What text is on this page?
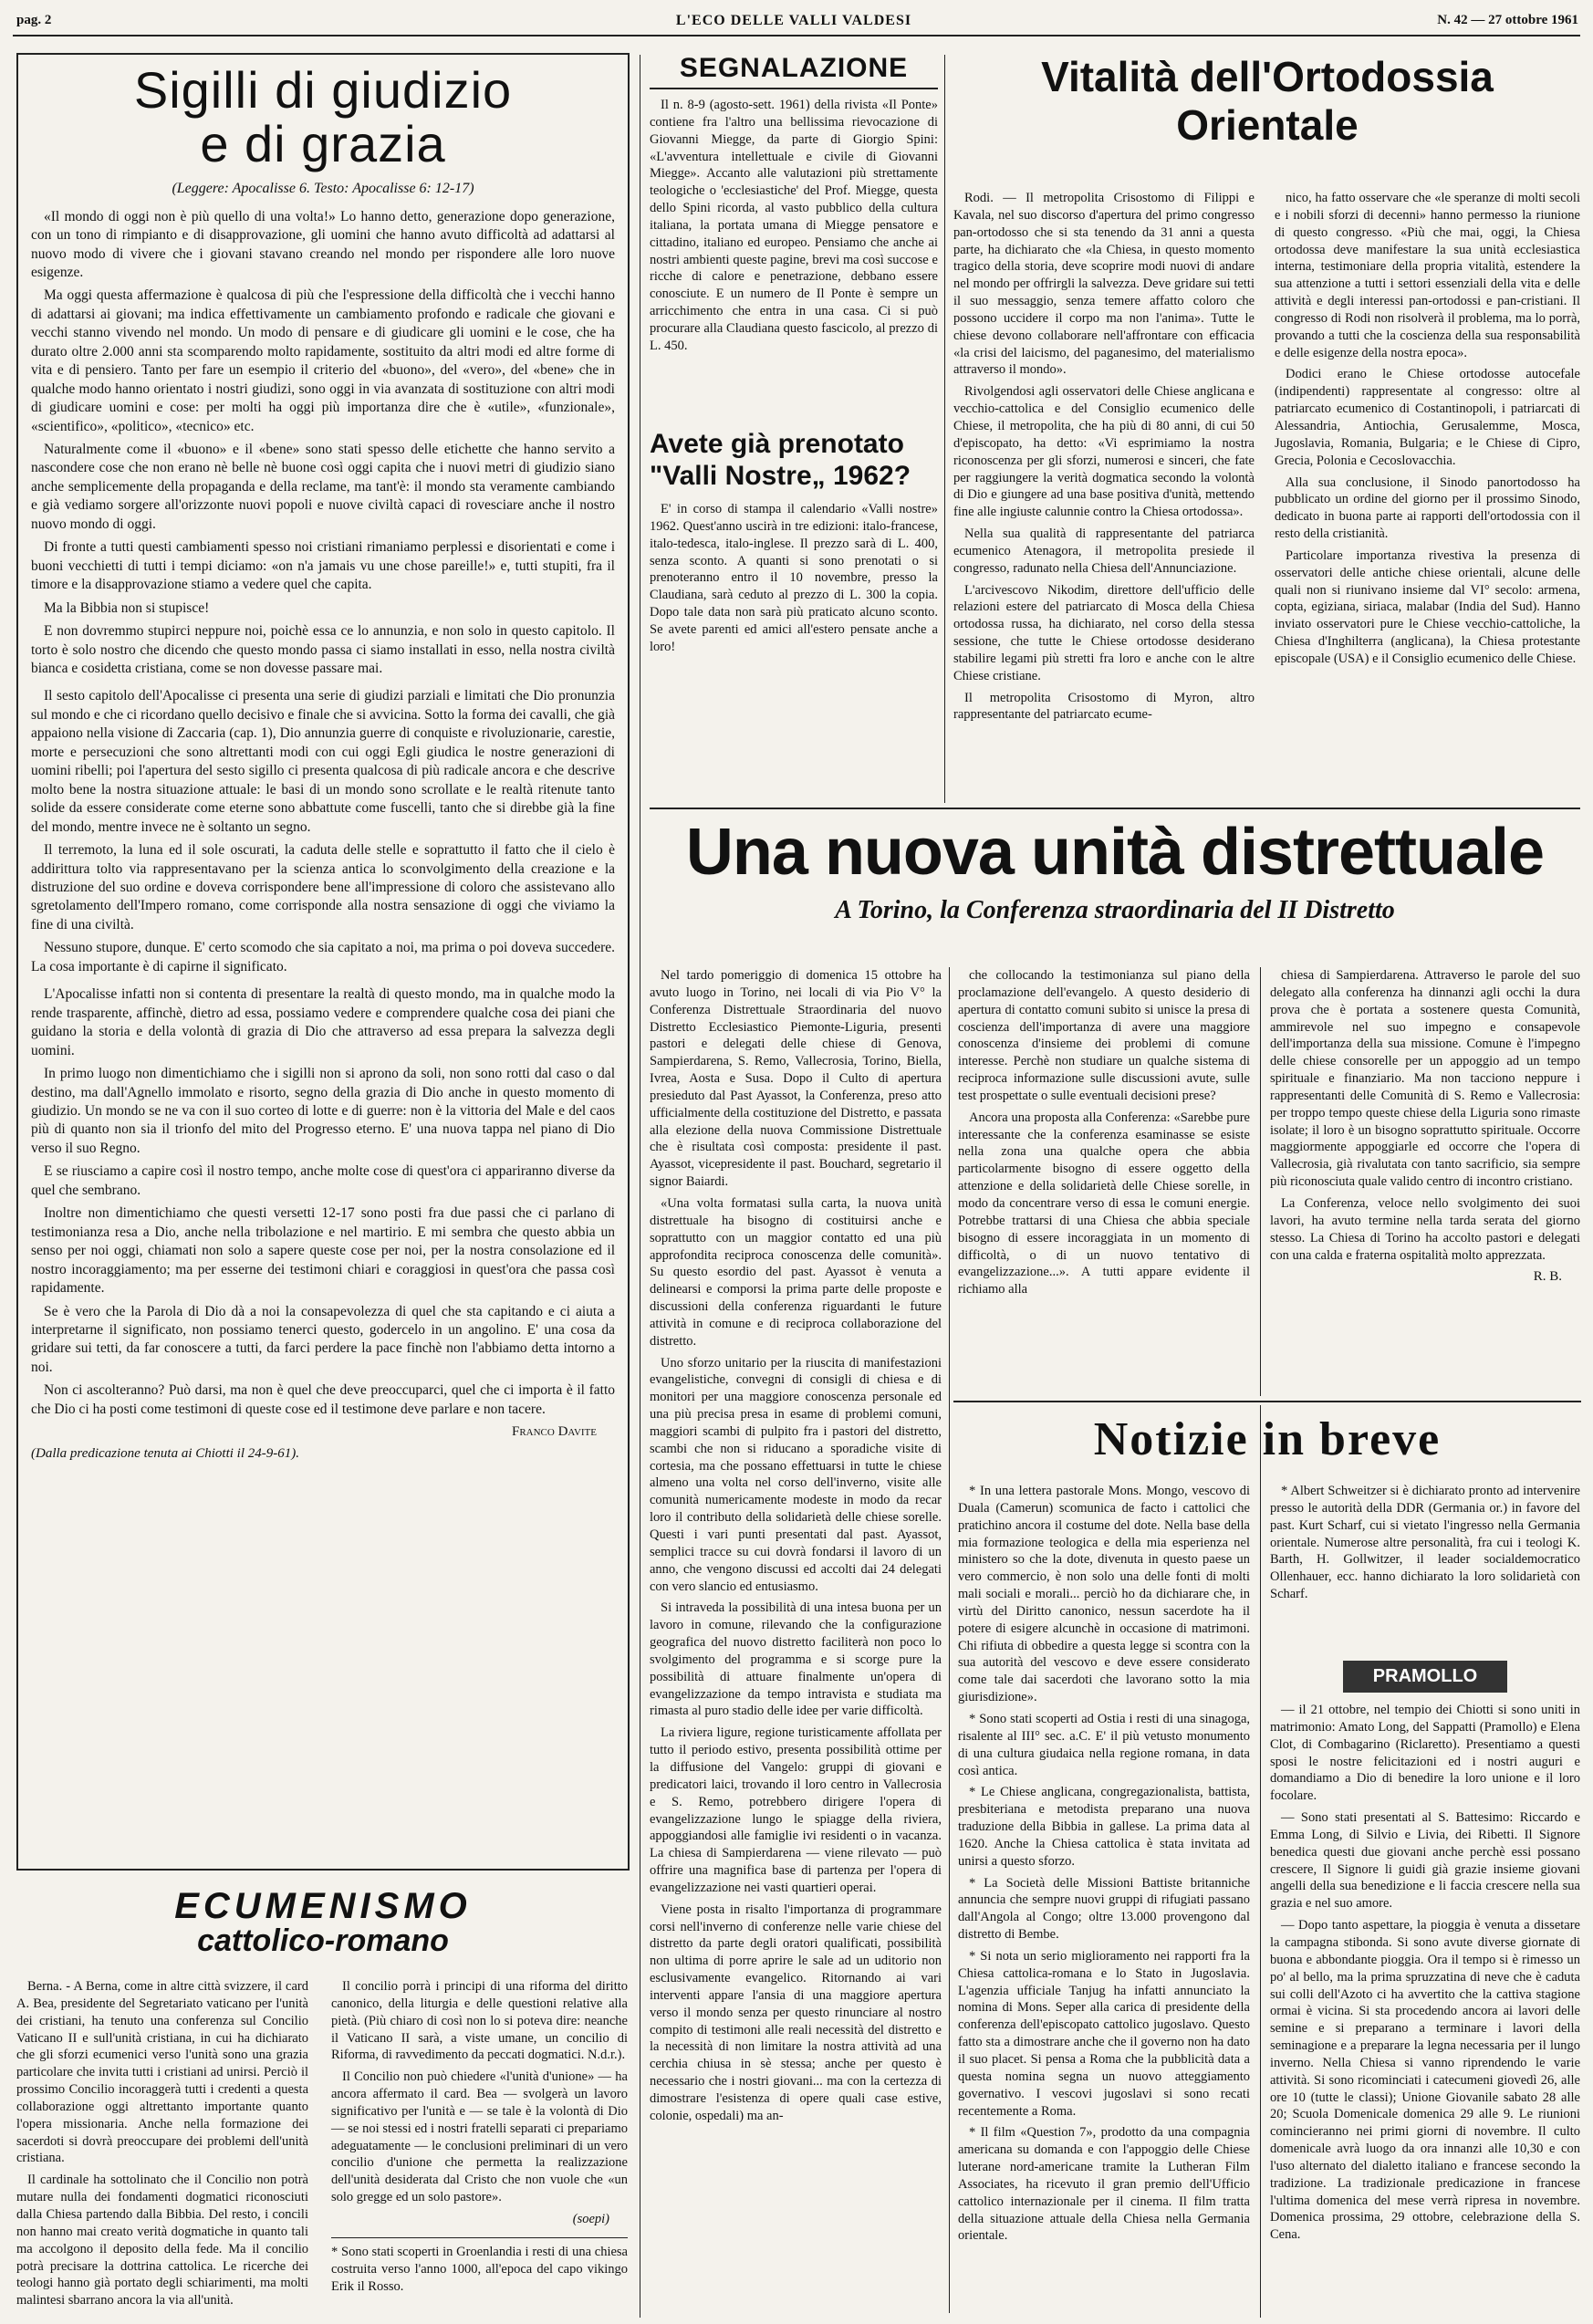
pag. 2	L'ECO DELLE VALLI VALDESI	N. 42 — 27 ottobre 1961
Sigilli di giudizio
e di grazia
(Leggere: Apocalisse 6. Testo: Apocalisse 6: 12-17)

«Il mondo di oggi non è più quello di una volta!» Lo hanno detto, generazione dopo generazione, con un tono di rimpianto e di disapprovazione, gli uomini che hanno avuto difficoltà ad adattarsi al nuovo modo di vivere che i giovani stavano creando nel mondo per rispondere alle loro nuove esigenze.

Ma oggi questa affermazione è qualcosa di più che l'espressione della difficoltà che i vecchi hanno di adattarsi ai giovani; ma indica effettivamente un cambiamento profondo e radicale che giovani e vecchi stanno vivendo nel mondo. Un modo di pensare e di giudicare gli uomini e le cose, che ha durato oltre 2.000 anni sta scomparendo molto rapidamente, sostituito da altri modi ed altre forme di vita e di pensiero. Tanto per fare un esempio il criterio del «buono», del «vero», del «bene» che in qualche modo hanno orientato i nostri giudizi, sono oggi in via avanzata di sostituzione con altri modi di giudicare uomini e cose: per molti ha oggi più importanza dire che è «utile», «funzionale», «scientifico», «politico», «tecnico» etc.

Naturalmente come il «buono» e il «bene» sono stati spesso delle etichette che hanno servito a nascondere cose che non erano nè belle nè buone così oggi capita che i nuovi metri di giudizio siano anche semplicemente della propaganda e della reclame, ma tant'è: il mondo sta veramente cambiando e già vediamo sorgere all'orizzonte nuovi popoli e nuove civiltà capaci di rovesciare anche il nostro nuovo mondo di oggi.

Di fronte a tutti questi cambiamenti spesso noi cristiani rimaniamo perplessi e disorientati e come i buoni vecchietti di tutti i tempi diciamo: «on n'a jamais vu une chose pareille!» e, tutti stupiti, fra il timore e la disapprovazione stiamo a vedere quel che capita.

Ma la Bibbia non si stupisce!

E non dovremmo stupirci neppure noi, poichè essa ce lo annunzia, e non solo in questo capitolo. Il torto è solo nostro che dicendo che questo mondo passa ci siamo installati in esso, nella nostra civiltà bianca e cosidetta cristiana, come se non dovesse passare mai.

Il sesto capitolo dell'Apocalisse ci presenta una serie di giudizi parziali e limitati che Dio pronunzia sul mondo e che ci ricordano quello decisivo e finale che si avvicina. Sotto la forma dei cavalli, che già appaiono nella visione di Zaccaria (cap. 1), Dio annunzia guerre di conquiste e rivoluzionarie, carestie, morte e persecuzioni che sono altrettanti modi con cui oggi Egli giudica le nostre generazioni di uomini ribelli; poi l'apertura del sesto sigillo ci presenta qualcosa di più radicale ancora e che descrive molto bene la nostra situazione attuale: le basi di un mondo sono scrollate e le realtà ritenute tanto solide da essere considerate come eterne sono abbattute come fuscelli, tanto che si direbbe già la fine del mondo, mentre invece ne è soltanto un segno.

Il terremoto, la luna ed il sole oscurati, la caduta delle stelle e soprattutto il fatto che il cielo è addirittura tolto via rappresentavano per la scienza antica lo sconvolgimento della creazione e la distruzione del suo ordine e doveva corrispondere bene all'impressione di coloro che assistevano allo sgretolamento dell'Impero romano, come corrisponde alla nostra sensazione di oggi che viviamo la fine di una civiltà.

Nessuno stupore, dunque. E' certo scomodo che sia capitato a noi, ma prima o poi doveva succedere. La cosa importante è di capirne il significato.

L'Apocalisse infatti non si contenta di presentare la realtà di questo mondo, ma in qualche modo la rende trasparente, affinchè, dietro ad essa, possiamo vedere e comprendere qualche cosa dei piani che guidano la storia e della volontà di grazia di Dio che attraverso ad essa prepara la salvezza degli uomini.

In primo luogo non dimentichiamo che i sigilli non si aprono da soli, non sono rotti dal caso o dal destino, ma dall'Agnello immolato e risorto, segno della grazia di Dio anche in questo momento di giudizio. Un mondo se ne va con il suo corteo di lotte e di guerre: non è la vittoria del Male e del caos più di quanto non sia il trionfo del mito del Progresso eterno. E' una nuova tappa nel piano di Dio verso il suo Regno.

E se riusciamo a capire così il nostro tempo, anche molte cose di quest'ora ci appariranno diverse da quel che sembrano.

Inoltre non dimentichiamo che questi versetti 12-17 sono posti fra due passi che ci parlano di testimonianza resa a Dio, anche nella tribolazione e nel martirio. E mi sembra che questo abbia un senso per noi oggi, chiamati non solo a sapere queste cose per noi, per la nostra consolazione ed il nostro incoraggiamento; ma per esserne dei testimoni chiari e coraggiosi in quest'ora che passa così rapidamente.

Se è vero che la Parola di Dio dà a noi la consapevolezza di quel che sta capitando e ci aiuta a interpretarne il significato, non possiamo tenerci questo, godercelo in un angolino. E' una cosa da gridare sui tetti, da far conoscere a tutti, da farci perdere la pace finchè non l'abbiamo detta intorno a noi.

Non ci ascolteranno? Può darsi, ma non è quel che deve preoccuparci, quel che ci importa è il fatto che Dio ci ha posti come testimoni di queste cose ed il testimone deve parlare e non tacere.

Franco Davite
(Dalla predicazione tenuta ai Chiotti il 24-9-61).
ECUMENISMO
cattolico-romano

Berna. - A Berna, come in altre città svizzere, il card A. Bea, presidente del Segretariato vaticano per l'unità dei cristiani, ha tenuto una conferenza sul Concilio Vaticano II e sull'unità cristiana, in cui ha dichiarato che gli sforzi ecumenici verso l'unità sono una grazia particolare che invita tutti i cristiani ad unirsi. Perciò il prossimo Concilio incoraggerà tutti i credenti a questa collaborazione oggi altrettanto importante quanto l'opera missionaria. Anche nella formazione dei sacerdoti si dovrà preoccupare dei problemi dell'unità cristiana.

Il cardinale ha sottolinato che il Concilio non potrà mutare nulla dei fondamenti dogmatici riconosciuti dalla Chiesa partendo dalla Bibbia. Del resto, i concili non hanno mai creato verità dogmatiche in quanto tali ma accolgono il deposito della fede. Ma il concilio potrà precisare la dottrina cattolica. Le ricerche dei teologi hanno già portato degli schiarimenti, ma molti malintesi sbarrano ancora la via all'unità.

Il concilio porrà i principi di una riforma del diritto canonico, della liturgia e delle questioni relative alla pietà. (Più chiaro di così non lo si poteva dire: neanche il Vaticano II sarà, a viste umane, un concilio di Riforma, di ravvedimento da peccati dogmatici. N.d.r.).

Il Concilio non può chiedere «l'unità d'unione» — ha ancora affermato il card. Bea — svolgerà un lavoro significativo per l'unità e — se tale è la volontà di Dio — se noi stessi ed i nostri fratelli separati ci prepariamo adeguatamente — le conclusioni preliminari di un vero concilio d'unione che permetta la realizzazione dell'unità desiderata dal Cristo che non vuole che «un solo gregge ed un solo pastore».

(soepi)
* Sono stati scoperti in Groenlandia i resti di una chiesa costruita verso l'anno 1000, all'epoca del capo vikingo Erik il Rosso.
SEGNALAZIONE

Il n. 8-9 (agosto-sett. 1961) della rivista «Il Ponte» contiene fra l'altro una bellissima rievocazione di Giovanni Miegge, da parte di Giorgio Spini: «L'avventura intellettuale e civile di Giovanni Miegge». Accanto alle valutazioni più strettamente teologiche o 'ecclesiastiche' del Prof. Miegge, questa dello Spini ricorda, al vasto pubblico della cultura italiana, la portata umana di Miegge pensatore e cittadino, italiano ed europeo. Pensiamo che anche ai nostri ambienti queste pagine, brevi ma così succose e ricche di calore e penetrazione, debbano essere conosciute. E un numero de Il Ponte è sempre un arricchimento che entra in una casa. Ci si può procurare alla Claudiana questo fascicolo, al prezzo di L. 450.

Avete già prenotato "Valli Nostre„ 1962?

E' in corso di stampa il calendario «Valli nostre» 1962. Quest'anno uscirà in tre edizioni: italo-francese, italo-tedesca, italo-inglese. Il prezzo sarà di L. 400, senza sconto. A quanti si sono prenotati o si prenoteranno entro il 10 novembre, presso la Claudiana, sarà ceduto al prezzo di L. 300 la copia. Dopo tale data non sarà più praticato alcuno sconto. Se avete parenti ed amici all'estero pensate anche a loro!

Vitalità dell'Ortodossia
Orientale

Rodi. — Il metropolita Crisostomo di Filippi e Kavala, nel suo discorso d'apertura del primo congresso pan-ortodosso che si sta tenendo da 31 anni a questa parte, ha dichiarato che «la Chiesa, in questo momento tragico della storia, deve scoprire modi nuovi di andare nel mondo per offrirgli la salvezza. Deve gridare sui tetti il suo messaggio, senza temere affatto coloro che possono uccidere il corpo ma non l'anima». Tutte le chiese devono collaborare nell'affrontare con efficacia «la crisi del laicismo, del paganesimo, del materialismo attraverso il mondo».

Rivolgendosi agli osservatori delle Chiese anglicana e vecchio-cattolica e del Consiglio ecumenico delle Chiese, il metropolita, che ha più di 80 anni, di cui 50 d'episcopato, ha detto: «Vi esprimiamo la nostra riconoscenza per gli sforzi, numerosi e sinceri, che fate per raggiungere la verità dogmatica secondo la volontà di Dio e giungere ad una base positiva d'unità, mettendo fine alle ingiuste calunnie contro la Chiesa ortodossa».

Nella sua qualità di rappresentante del patriarca ecumenico Atenagora, il metropolita presiede il congresso, radunato nella Chiesa dell'Annunciazione.

L'arcivescovo Nikodim, direttore dell'ufficio delle relazioni estere del patriarcato di Mosca della Chiesa ortodossa russa, ha dichiarato, nel corso della stessa sessione, che tutte le Chiese ortodosse desiderano stabilire legami più stretti fra loro e anche con le altre Chiese cristiane.

Il metropolita Crisostomo di Myron, altro rappresentante del patriarcato ecume-

nico, ha fatto osservare che «le speranze di molti secoli e i nobili sforzi di decenni» hanno permesso la riunione di questo congresso. «Più che mai, oggi, la Chiesa ortodossa deve manifestare la sua unità ecclesiastica interna, testimoniare della propria vitalità, estendere la sua attenzione a tutti i settori essenziali della vita e delle attività e degli interessi pan-ortodossi e pan-cristiani. Il congresso di Rodi non risolverà il problema, ma lo porrà, provando a tutti che la coscienza della sua responsabilità e delle esigenze della nostra epoca».

Dodici erano le Chiese ortodosse autocefale (indipendenti) rappresentate al congresso: oltre al patriarcato ecumenico di Costantinopoli, i patriarcati di Alessandria, Antiochia, Gerusalemme, Mosca, Jugoslavia, Romania, Bulgaria; e le Chiese di Cipro, Grecia, Polonia e Cecoslovacchia.

Alla sua conclusione, il Sinodo panortodosso ha pubblicato un ordine del giorno per il prossimo Sinodo, dedicato in buona parte ai rapporti dell'ortodossia con il resto della cristianità.

Particolare importanza rivestiva la presenza di osservatori delle antiche chiese orientali, alcune delle quali non si riunivano insieme dal VI° secolo: armena, copta, egiziana, siriaca, malabar (India del Sud). Hanno inviato osservatori pure le Chiese vecchio-cattoliche, la Chiesa d'Inghilterra (anglicana), la Chiesa protestante episcopale (USA) e il Consiglio ecumenico delle Chiese.

Una nuova unità distrettuale
A Torino, la Conferenza straordinaria del II Distretto

Nel tardo pomeriggio di domenica 15 ottobre ha avuto luogo in Torino, nei locali di via Pio V° la Conferenza Distrettuale Straordinaria del nuovo Distretto Ecclesiastico Piemonte-Liguria, presenti pastori e delegati delle chiese di Genova, Sampierdarena, S. Remo, Vallecrosia, Torino, Biella, Ivrea, Aosta e Susa. Dopo il Culto di apertura presieduto dal Past Ayassot, la Conferenza, preso atto ufficialmente della costituzione del Distretto, e passata alla elezione della nuova Commissione Distrettuale che è risultata così composta: presidente il past. Ayassot, vicepresidente il past. Bouchard, segretario il signor Baiardi.

«Una volta formatasi sulla carta, la nuova unità distrettuale ha bisogno di costituirsi anche e soprattutto con un maggior contatto ed una più approfondita reciproca conoscenza delle comunità». Su questo esordio del past. Ayassot è venuta a delinearsi e comporsi la prima parte delle proposte e discussioni della conferenza riguardanti le future attività in comune e di reciproca collaborazione del distretto.

Uno sforzo unitario per la riuscita di manifestazioni evangelistiche, convegni di consigli di chiesa e di monitori per una maggiore conoscenza personale ed una più precisa presa in esame di problemi comuni, maggiori scambi di pulpito fra i pastori del distretto, scambi che non si riducano a sporadiche visite di cortesia, ma che possano effettuarsi in tutte le chiese almeno una volta nel corso dell'inverno, visite alle comunità numericamente modeste in modo da recar loro il contributo della solidarietà delle chiese sorelle. Questi i vari punti presentati dal past. Ayassot, semplici tracce su cui dovrà fondarsi il lavoro di un anno, che vengono discussi ed accolti dai 24 delegati con vero slancio ed entusiasmo.

Si intraveda la possibilità di una intesa buona per un lavoro in comune, rilevando che la configurazione geografica del nuovo distretto faciliterà non poco lo svolgimento del programma e si scorge pure la possibilità di attuare finalmente un'opera di evangelizzazione da tempo intravista e studiata ma rimasta al puro stadio delle idee per varie difficoltà.

La riviera ligure, regione turisticamente affollata per tutto il periodo estivo, presenta possibilità ottime per la diffusione del Vangelo: gruppi di giovani e predicatori laici, trovando il loro centro in Vallecrosia e S. Remo, potrebbero dirigere l'opera di evangelizzazione lungo le spiagge della riviera, appoggiandosi alle famiglie ivi residenti o in vacanza. La chiesa di Sampierdarena — viene rilevato — può offrire una magnifica base di partenza per l'opera di evangelizzazione nei vasti quartieri operai.

Viene posta in risalto l'importanza di programmare corsi nell'inverno di conferenze nelle varie chiese del distretto da parte degli oratori qualificati, possibilità non ultima di porre aprire le sale ad un uditorio non esclusivamente evangelico. Ritornando ai vari interventi appare l'ansia di una maggiore apertura verso il mondo senza per questo rinunciare al nostro compito di testimoni alle reali necessità del distretto e la necessità di non limitare la nostra attività ad una cerchia chiusa in sè stessa; anche per questo è necessario che i nostri giovani... ma con la certezza di dimostrare l'esistenza di opere quali case estive, colonie, ospedali) ma an-

che collocando la testimonianza sul piano della proclamazione dell'evangelo. A questo desiderio di apertura di contatto comuni subito si unisce la presa di coscienza dell'importanza di avere una maggiore conoscenza d'insieme dei problemi di comune interesse. Perchè non studiare un qualche sistema di reciproca informazione sulle discussioni avute, sulle test prospettate o sulle eventuali decisioni prese?

Ancora una proposta alla Conferenza: «Sarebbe pure interessante che la conferenza esaminasse se esiste nella zona una qualche opera che abbia particolarmente bisogno di essere oggetto della attenzione e della solidarietà delle Chiese sorelle, in modo da concentrare verso di essa le comuni energie. Potrebbe trattarsi di una Chiesa che abbia speciale bisogno di essere incoraggiata in un momento di difficoltà, o di un nuovo tentativo di evangelizzazione...». A tutti appare evidente il richiamo alla

chiesa di Sampierdarena. Attraverso le parole del suo delegato alla conferenza ha dinnanzi agli occhi la dura prova che è portata a sostenere questa Comunità, ammirevole nel suo impegno e consapevole dell'importanza della sua missione. Comune è l'impegno delle chiese consorelle per un appoggio ad un tempo spirituale e finanziario. Ma non tacciono neppure i rappresentanti delle Comunità di S. Remo e Vallecrosia: per troppo tempo queste chiese della Liguria sono rimaste isolate; il loro è un bisogno soprattutto spirituale. Occorre maggiormente appoggiarle ed occorre che l'opera di Vallecrosia, già rivalutata con tanto sacrificio, sia sempre più riconosciuta quale valido centro di incontro cristiano.

La Conferenza, veloce nello svolgimento dei suoi lavori, ha avuto termine nella tarda serata del giorno stesso. La Chiesa di Torino ha accolto pastori e delegati con una calda e fraterna ospitalità molto apprezzata.

R. B.
Notizie in breve

* In una lettera pastorale Mons. Mongo, vescovo di Duala (Camerun) scomunica de facto i cattolici che pratichino ancora il costume del dote. Nella base della mia formazione teologica e della mia esperienza nel ministero so che la dote, divenuta in questo paese un vero commercio, è non solo una delle fonti di molti mali sociali e morali... perciò ho da dichiarare che, in virtù del Diritto canonico, nessun sacerdote ha il potere di esigere alcunchè in occasione di matrimoni. Chi rifiuta di obbedire a questa legge si scontra con la sua autorità del vescovo e deve essere considerato come tale dai sacerdoti che lavorano sotto la mia giurisdizione».

* Sono stati scoperti ad Ostia i resti di una sinagoga, risalente al III° sec. a.C. E' il più vetusto monumento di una cultura giudaica nella regione romana, in data così antica.

* Le Chiese anglicana, congregazionalista, battista, presbiteriana e metodista preparano una nuova traduzione della Bibbia in gallese. La prima data al 1620. Anche la Chiesa cattolica è stata invitata ad unirsi a questo sforzo.

* La Società delle Missioni Battiste britanniche annuncia che sempre nuovi gruppi di rifugiati passano dall'Angola al Congo; oltre 13.000 provengono dal distretto di Bembe.

* Si nota un serio miglioramento nei rapporti fra la Chiesa cattolica-romana e lo Stato in Jugoslavia. L'agenzia ufficiale Tanjug ha infatti annunciato la nomina di Mons. Seper alla carica di presidente della conferenza dell'episcopato cattolico jugoslavo. Questo fatto sta a dimostrare anche che il governo non ha dato il suo placet. Si pensa a Roma che la pubblicità data a questa nomina segna un nuovo atteggiamento governativo. I vescovi jugoslavi si sono recati recentemente a Roma.

* Il film «Question 7», prodotto da una compagnia americana su domanda e con l'appoggio delle Chiese luterane nord-americane tramite la Lutheran Film Associates, ha ricevuto il gran premio dell'Ufficio cattolico internazionale per il cinema. Il film tratta della situazione attuale della Chiesa nella Germania orientale.

* Albert Schweitzer si è dichiarato pronto ad intervenire presso le autorità della DDR (Germania or.) in favore del past. Kurt Scharf, cui si vietato l'ingresso nella Germania orientale. Numerose altre personalità, fra cui i teologi K. Barth, H. Gollwitzer, il leader socialdemocratico Ollenhauer, ecc. hanno dichiarato la loro solidarietà con Scharf.

PRAMOLLO

— il 21 ottobre, nel tempio dei Chiotti si sono uniti in matrimonio: Amato Long, del Sappatti (Pramollo) e Elena Clot, di Combagarino (Riclaretto). Presentiamo a questi sposi le nostre felicitazioni ed i nostri auguri e domandiamo a Dio di benedire la loro unione e il loro focolare.

— Sono stati presentati al S. Battesimo: Riccardo e Emma Long, di Silvio e Livia, dei Ribetti. Il Signore benedica questi due giovani anche perchè essi possano crescere, Il Signore li guidi già grazie insieme giovani angelli della sua benedizione e li faccia crescere nella sua grazia e nel suo amore.

— Dopo tanto aspettare, la pioggia è venuta a dissetare la campagna stibonda. Si sono avute diverse giornate di buona e abbondante pioggia. Ora il tempo si è rimesso un po' al bello, ma la prima spruzzatina di neve che è caduta sui colli dell'Azoto ci ha avvertito che la cattiva stagione ormai è vicina. Si sta procedendo ancora ai lavori delle semine e si preparano a terminare i lavori della seminagione e a preparare la legna necessaria per il lungo inverno. Nella Chiesa si vanno riprendendo le varie attività. Si sono ricominciati i catecumeni giovedì 26, alle ore 10 (tutte le classi); Unione Giovanile sabato 28 alle 20; Scuola Domenicale domenica 29 alle 9. Le riunioni comincieranno nei primi giorni di novembre. Il culto domenicale avrà luogo da ora innanzi alle 10,30 e con l'uso alternato del dialetto italiano e francese secondo la tradizione. La tradizionale predicazione in francese l'ultima domenica del mese verrà ripresa in novembre. Domenica prossima, 29 ottobre, celebrazione della S. Cena.
